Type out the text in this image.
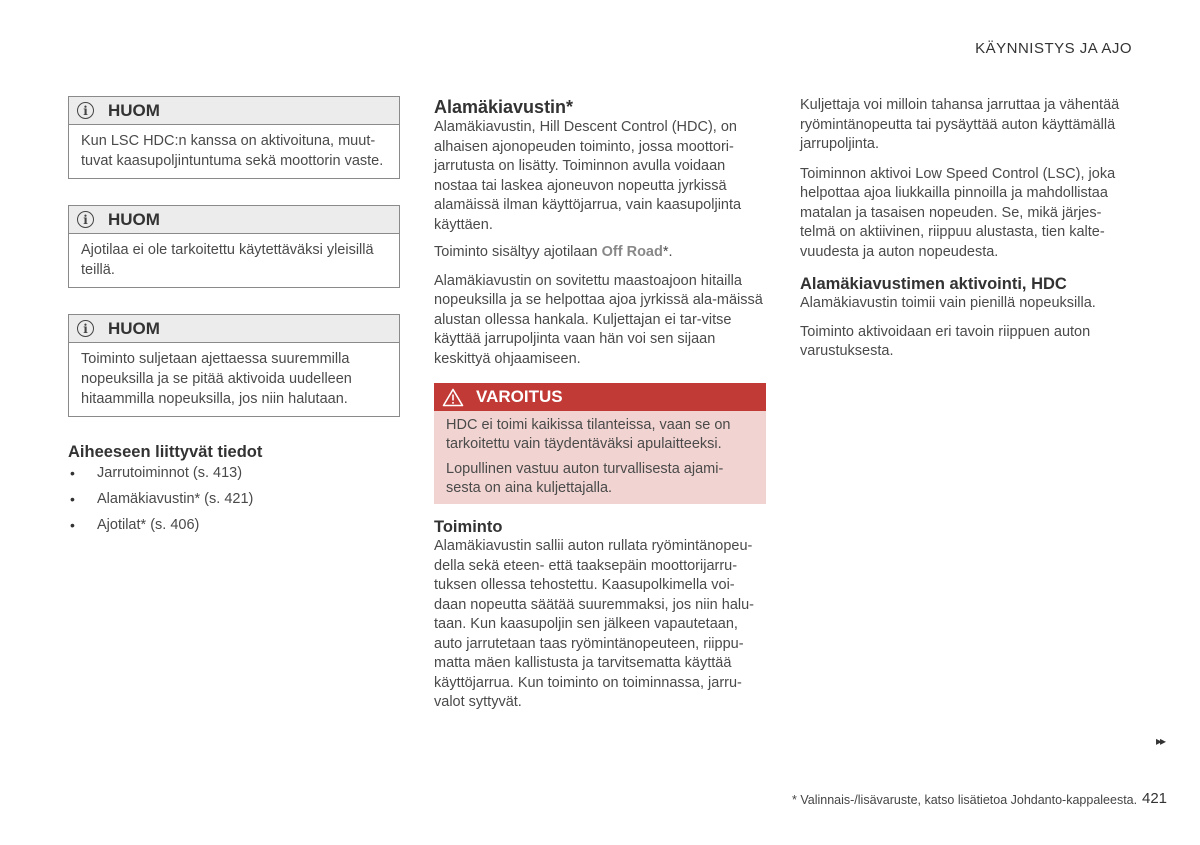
KÄYNNISTYS JA AJO
i	HUOM
Kun LSC HDC:n kanssa on aktivoituna, muut-tuvat kaasupoljintuntuma sekä moottorin vaste.
i	HUOM
Ajotilaa ei ole tarkoitettu käytettäväksi yleisillä teillä.
i	HUOM
Toiminto suljetaan ajettaessa suuremmilla nopeuksilla ja se pitää aktivoida uudelleen hitaammilla nopeuksilla, jos niin halutaan.
Aiheeseen liittyvät tiedot
• Jarrutoiminnot (s. 413)
• Alamäkiavustin* (s. 421)
• Ajotilat* (s. 406)
Alamäkiavustin*

Alamäkiavustin, Hill Descent Control (HDC), on alhaisen ajonopeuden toiminto, jossa moottori-jarrutusta on lisätty. Toiminnon avulla voidaan nostaa tai laskea ajoneuvon nopeutta jyrkissä alamäissä ilman käyttöjarrua, vain kaasupoljinta käyttäen.

Toiminto sisältyy ajotilaan Off Road*.

Alamäkiavustin on sovitettu maastoajoon hitailla nopeuksilla ja se helpottaa ajoa jyrkissä ala-mäissä alustan ollessa hankala. Kuljettajan ei tar-vitse käyttää jarrupoljinta vaan hän voi sen sijaan keskittyä ohjaamiseen.

VAROITUS

HDC ei toimi kaikissa tilanteissa, vaan se on tarkoitettu vain täydentäväksi apulaitteeksi.

Lopullinen vastuu auton turvallisesta ajami-sesta on aina kuljettajalla.

Toiminto

Alamäkiavustin sallii auton rullata ryömintänopeu-della sekä eteen- että taaksepäin moottorijarru-tuksen ollessa tehostettu. Kaasupolkimella voi-daan nopeutta säätää suuremmaksi, jos niin halu-taan. Kun kaasupoljin sen jälkeen vapautetaan, auto jarrutetaan taas ryömintänopeuteen, riippu-matta mäen kallistusta ja tarvitsematta käyttää käyttöjarrua. Kun toiminto on toiminnassa, jarru-valot syttyvät.

Kuljettaja voi milloin tahansa jarruttaa ja vähentää ryömintänopeutta tai pysäyttää auton käyttämällä jarrupoljinta.

Toiminnon aktivoi Low Speed Control (LSC), joka helpottaa ajoa liukkailla pinnoilla ja mahdollistaa matalan ja tasaisen nopeuden. Se, mikä järjes-telmä on aktiivinen, riippuu alustasta, tien kalte-vuudesta ja auton nopeudesta.

Alamäkiavustimen aktivointi, HDC

Alamäkiavustin toimii vain pienillä nopeuksilla.

Toiminto aktivoidaan eri tavoin riippuen auton varustuksesta.

▸▸
* Valinnais-/lisävaruste, katso lisätietoa Johdanto-kappaleesta. 421
